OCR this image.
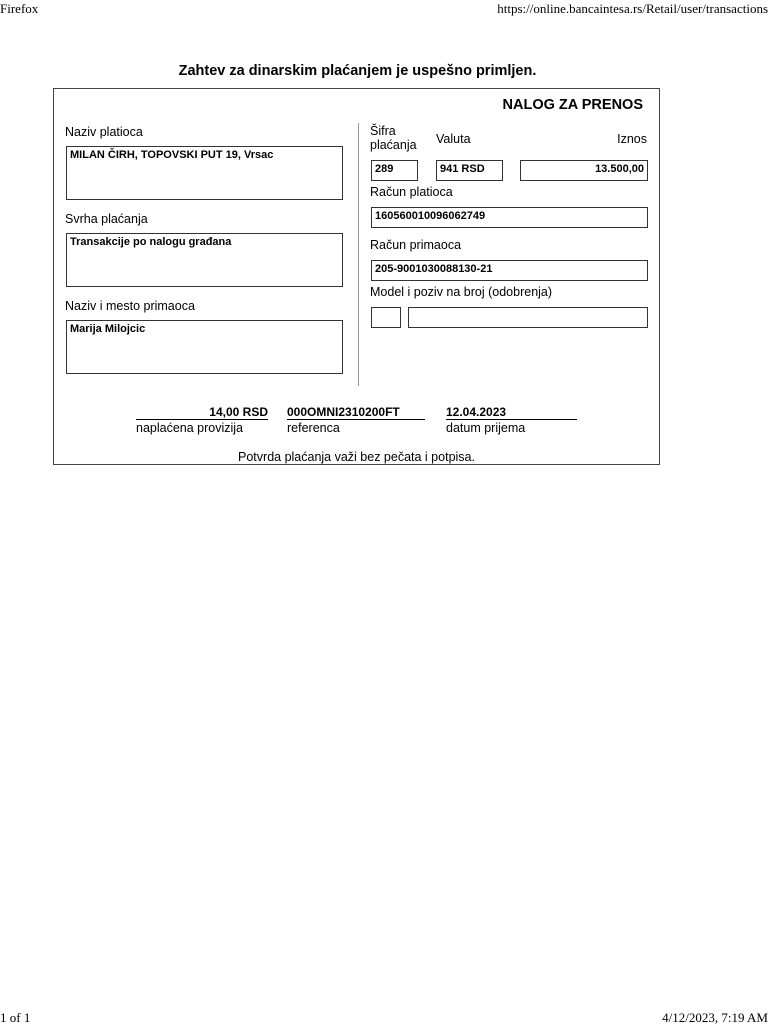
Firefox	https://online.bancaintesa.rs/Retail/user/transactions
Zahtev za dinarskim plaćanjem je uspešno primljen.
NALOG ZA PRENOS
Naziv platioca
MILAN ČIRH, TOPOVSKI PUT 19, Vrsac
Svrha plaćanja
Transakcije po nalogu građana
Naziv i mesto primaoca
Marija Milojcic
Šifra
plaćanja Valuta	Iznos
289	941 RSD	13.500,00
Račun platioca
160560010096062749
Račun primaoca
205-9001030088130-21
Model i poziv na broj (odobrenja)
14,00 RSD
naplaćena provizija
000OMNI2310200FT
referenca
12.04.2023
datum prijema
Potvrda plaćanja važi bez pečata i potpisa.
1 of 1	4/12/2023, 7:19 AM
